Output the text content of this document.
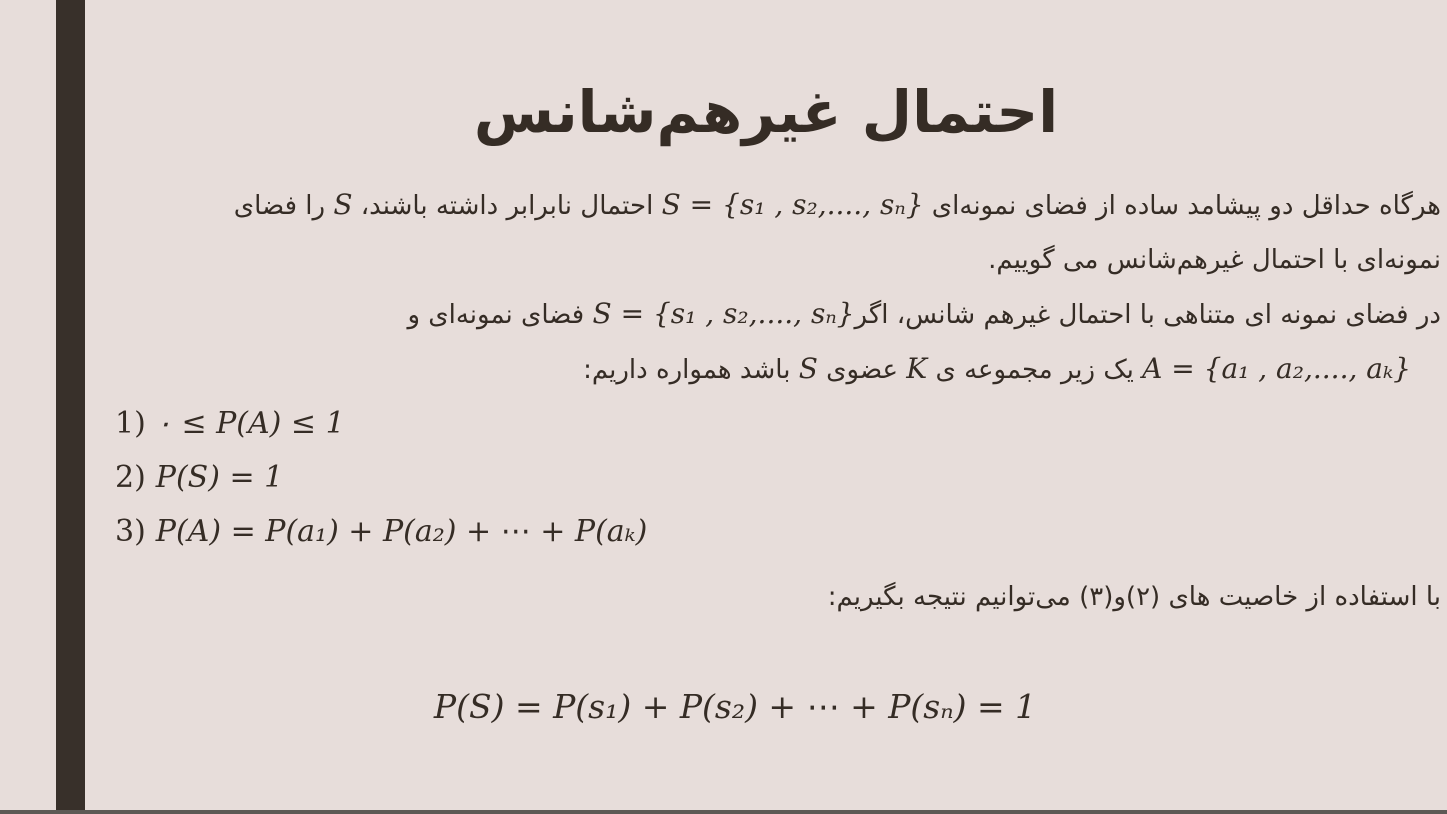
احتمال غیرهم‌شانس
هرگاه حداقل دو پیشامد ساده از فضای نمونه‌ای S = {s₁ , s₂,...., sₙ} احتمال نابرابر داشته باشند، S را فضای
نمونه‌ای با احتمال غیرهم‌شانس می گوییم.
در فضای نمونه ای متناهی با احتمال غیرهم شانس، اگرS = {s₁ , s₂,...., sₙ} فضای نمونه‌ای و
A = {a₁ , a₂,...., aₖ} یک زیر مجموعه ی K عضوی S باشد همواره داریم:
1) ۰ ≤ P(A) ≤ 1
2) P(S) = 1
3) P(A) = P(a₁) + P(a₂) + ⋯ + P(aₖ)
با استفاده از خاصیت های (۲)و(۳) می‌توانیم نتیجه بگیریم:
P(S) = P(s₁) + P(s₂) + ⋯ + P(sₙ) = 1
